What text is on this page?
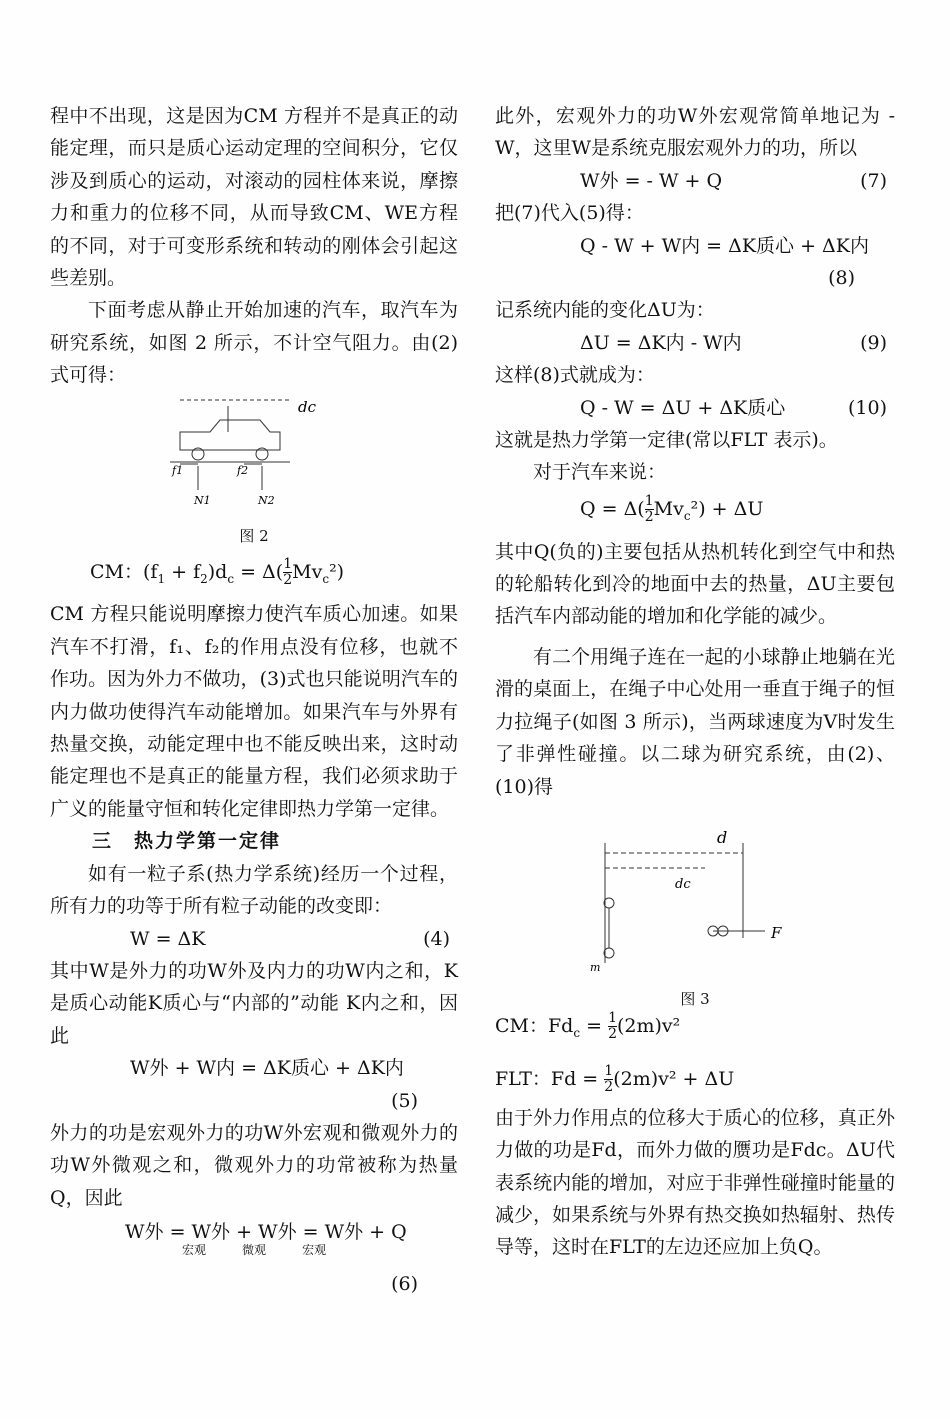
程中不出现，这是因为CM 方程并不是真正的动能定理，而只是质心运动定理的空间积分，它仅涉及到质心的运动，对滚动的园柱体来说，摩擦力和重力的位移不同，从而导致CM、WE方程的不同，对于可变形系统和转动的刚体会引起这些差别。

下面考虑从静止开始加速的汽车，取汽车为研究系统，如图 2 所示，不计空气阻力。由(2)式可得：

dc
f1	f2
N1	N2
图 2

CM：$(f_1 + f_2)d_c = \Delta( \frac{1}{2} Mv_c^2)$

CM 方程只能说明摩擦力使汽车质心加速。如果汽车不打滑，f₁、f₂的作用点没有位移，也就不作功。因为外力不做功，(3)式也只能说明汽车的内力做功使得汽车动能增加。如果汽车与外界有热量交换，动能定理中也不能反映出来，这时动能定理也不是真正的能量方程，我们必须求助于广义的能量守恒和转化定律即热力学第一定律。

三　热力学第一定律

如有一粒子系(热力学系统)经历一个过程，所有力的功等于所有粒子动能的改变即：

W = ΔK	(4)

其中W是外力的功W外及内力的功W内之和，K是质心动能K质心与“内部的”动能 K内之和，因此

W外 + W内 = ΔK质心 + ΔK内

(5)

外力的功是宏观外力的功W外宏观和微观外力的功W外微观之和，微观外力的功常被称为热量Q，因此

W外 = W外 + W外 = W外 + Q

宏观　　　	微观　　　	宏观

(6)

此外，宏观外力的功W外宏观常简单地记为 -W，这里W是系统克服宏观外力的功，所以

W外 = - W + Q	(7)

把(7)代入(5)得：

Q - W + W内 = ΔK质心 + ΔK内

(8)

记系统内能的变化ΔU为：

ΔU = ΔK内 - W内	(9)

这样(8)式就成为：

Q - W = ΔU + ΔK质心	(10)

这就是热力学第一定律(常以FLT 表示)。

对于汽车来说：

$Q = \Delta( \frac{1}{2} Mv_c^2) + \Delta U$

其中Q(负的)主要包括从热机转化到空气中和热的轮船转化到冷的地面中去的热量，ΔU主要包括汽车内部动能的增加和化学能的减少。

有二个用绳子连在一起的小球静止地躺在光滑的桌面上，在绳子中心处用一垂直于绳子的恒力拉绳子(如图 3 所示)，当两球速度为V时发生了非弹性碰撞。以二球为研究系统，由(2)、(10)得

d
dc
m
F
图 3

CM：$Fd_c = \frac{1}{2} (2m)v^2$

FLT：$Fd = \frac{1}{2} (2m)v^2 + \Delta U$

由于外力作用点的位移大于质心的位移，真正外力做的功是Fd，而外力做的赝功是Fdc。ΔU代表系统内能的增加，对应于非弹性碰撞时能量的减少，如果系统与外界有热交换如热辐射、热传导等，这时在FLT的左边还应加上负Q。
